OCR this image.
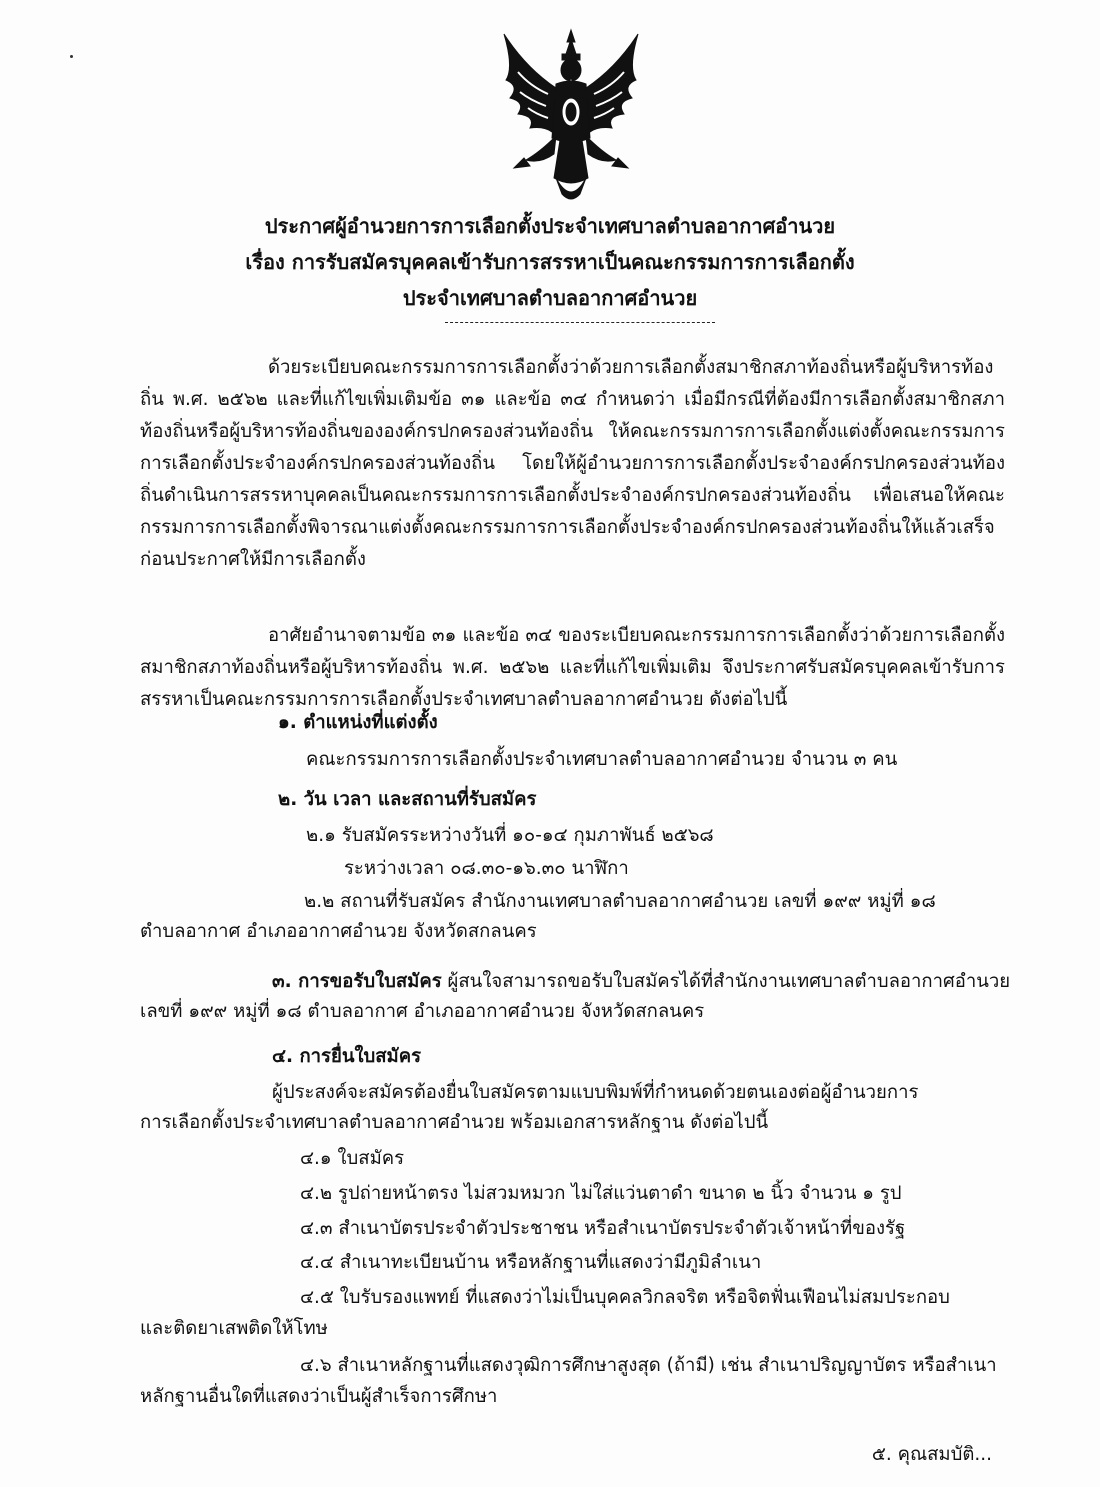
ประกาศผู้อำนวยการการเลือกตั้งประจำเทศบาลตำบลอากาศอำนวย
เรื่อง การรับสมัครบุคคลเข้ารับการสรรหาเป็นคณะกรรมการการเลือกตั้ง
ประจำเทศบาลตำบลอากาศอำนวย
ด้วยระเบียบคณะกรรมการการเลือกตั้งว่าด้วยการเลือกตั้งสมาชิกสภาท้องถิ่นหรือผู้บริหารท้องถิ่น พ.ศ. ๒๕๖๒ และที่แก้ไขเพิ่มเติมข้อ ๓๑ และข้อ ๓๔ กำหนดว่า เมื่อมีกรณีที่ต้องมีการเลือกตั้งสมาชิกสภาท้องถิ่นหรือผู้บริหารท้องถิ่นขององค์กรปกครองส่วนท้องถิ่น ให้คณะกรรมการการเลือกตั้งแต่งตั้งคณะกรรมการการเลือกตั้งประจำองค์กรปกครองส่วนท้องถิ่น โดยให้ผู้อำนวยการการเลือกตั้งประจำองค์กรปกครองส่วนท้องถิ่นดำเนินการสรรหาบุคคลเป็นคณะกรรมการการเลือกตั้งประจำองค์กรปกครองส่วนท้องถิ่น เพื่อเสนอให้คณะกรรมการการเลือกตั้งพิจารณาแต่งตั้งคณะกรรมการการเลือกตั้งประจำองค์กรปกครองส่วนท้องถิ่นให้แล้วเสร็จก่อนประกาศให้มีการเลือกตั้ง
อาศัยอำนาจตามข้อ ๓๑ และข้อ ๓๔ ของระเบียบคณะกรรมการการเลือกตั้งว่าด้วยการเลือกตั้งสมาชิกสภาท้องถิ่นหรือผู้บริหารท้องถิ่น พ.ศ. ๒๕๖๒ และที่แก้ไขเพิ่มเติม จึงประกาศรับสมัครบุคคลเข้ารับการสรรหาเป็นคณะกรรมการการเลือกตั้งประจำเทศบาลตำบลอากาศอำนวย ดังต่อไปนี้
๑. ตำแหน่งที่แต่งตั้ง
คณะกรรมการการเลือกตั้งประจำเทศบาลตำบลอากาศอำนวย จำนวน ๓ คน
๒. วัน เวลา และสถานที่รับสมัคร
๒.๑ รับสมัครระหว่างวันที่ ๑๐-๑๔ กุมภาพันธ์ ๒๕๖๘
ระหว่างเวลา ๐๘.๓๐-๑๖.๓๐ นาฬิกา
๒.๒ สถานที่รับสมัคร สำนักงานเทศบาลตำบลอากาศอำนวย เลขที่ ๑๙๙ หมู่ที่ ๑๘
ตำบลอากาศ อำเภออากาศอำนวย จังหวัดสกลนคร
๓. การขอรับใบสมัคร ผู้สนใจสามารถขอรับใบสมัครได้ที่สำนักงานเทศบาลตำบลอากาศอำนวย
เลขที่ ๑๙๙ หมู่ที่ ๑๘ ตำบลอากาศ อำเภออากาศอำนวย จังหวัดสกลนคร
๔. การยื่นใบสมัคร
ผู้ประสงค์จะสมัครต้องยื่นใบสมัครตามแบบพิมพ์ที่กำหนดด้วยตนเองต่อผู้อำนวยการ
การเลือกตั้งประจำเทศบาลตำบลอากาศอำนวย พร้อมเอกสารหลักฐาน ดังต่อไปนี้
๔.๑ ใบสมัคร
๔.๒ รูปถ่ายหน้าตรง ไม่สวมหมวก ไม่ใส่แว่นตาดำ ขนาด ๒ นิ้ว จำนวน ๑ รูป
๔.๓ สำเนาบัตรประจำตัวประชาชน หรือสำเนาบัตรประจำตัวเจ้าหน้าที่ของรัฐ
๔.๔ สำเนาทะเบียนบ้าน หรือหลักฐานที่แสดงว่ามีภูมิลำเนา
๔.๕ ใบรับรองแพทย์ ที่แสดงว่าไม่เป็นบุคคลวิกลจริต หรือจิตฟั่นเฟือนไม่สมประกอบ
และติดยาเสพติดให้โทษ
๔.๖ สำเนาหลักฐานที่แสดงวุฒิการศึกษาสูงสุด (ถ้ามี) เช่น สำเนาปริญญาบัตร หรือสำเนา
หลักฐานอื่นใดที่แสดงว่าเป็นผู้สำเร็จการศึกษา
๕. คุณสมบัติ...
